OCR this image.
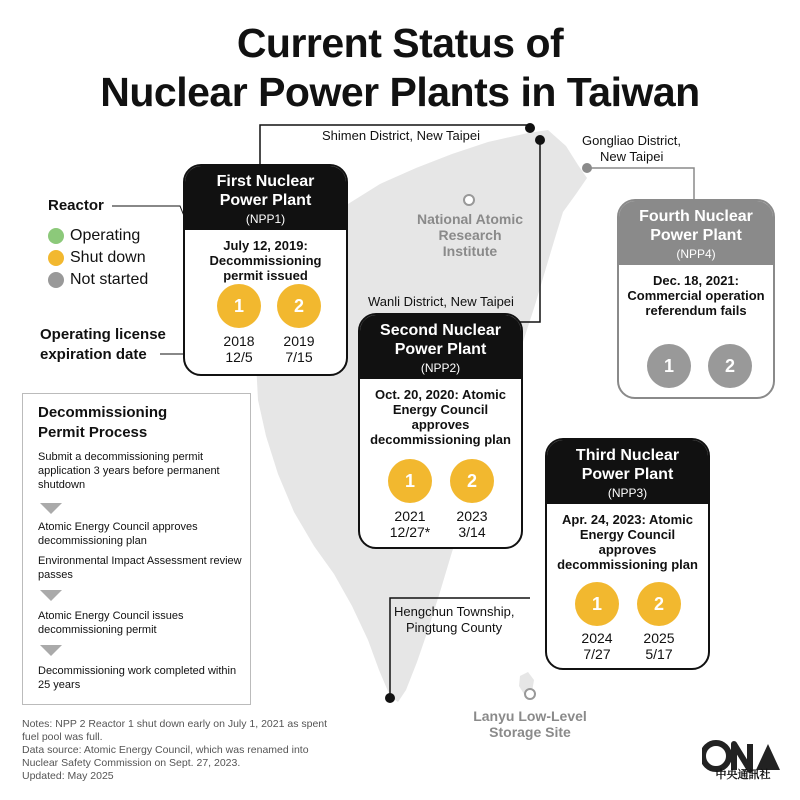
Current Status of
Nuclear Power Plants in Taiwan
Shimen District, New Taipei	Gongliao District,
New Taipei
Wanli District, New Taipei
Hengchun Township,
Pingtung County
National Atomic
Research
Institute
Lanyu Low-Level
Storage Site
Reactor
Operating
Shut down
Not started
Operating license
expiration date
First Nuclear
Power Plant
(NPP1)
July 12, 2019:
Decommissioning
permit issued
1	2
2018
12/5
2019
7/15
Second Nuclear
Power Plant
(NPP2)
Oct. 20, 2020: Atomic
Energy Council
approves
decommissioning plan
1	2
2021
12/27*
2023
3/14
Third Nuclear
Power Plant
(NPP3)
Apr. 24, 2023: Atomic
Energy Council
approves
decommissioning plan
1	2
2024
7/27
2025
5/17
Fourth Nuclear
Power Plant
(NPP4)
Dec. 18, 2021:
Commercial operation
referendum fails
1	2
Decommissioning
Permit Process
Submit a decommissioning permit application 3 years before permanent shutdown
Atomic Energy Council approves decommissioning plan
Environmental Impact Assessment review passes
Atomic Energy Council issues decommissioning permit
Decommissioning work completed within 25 years
Notes: NPP 2 Reactor 1 shut down early on July 1, 2021 as spent
fuel pool was full.
Data source: Atomic Energy Council, which was renamed into
Nuclear Safety Commission on Sept. 27, 2023.
Updated: May 2025
CNA
中央通訊社
